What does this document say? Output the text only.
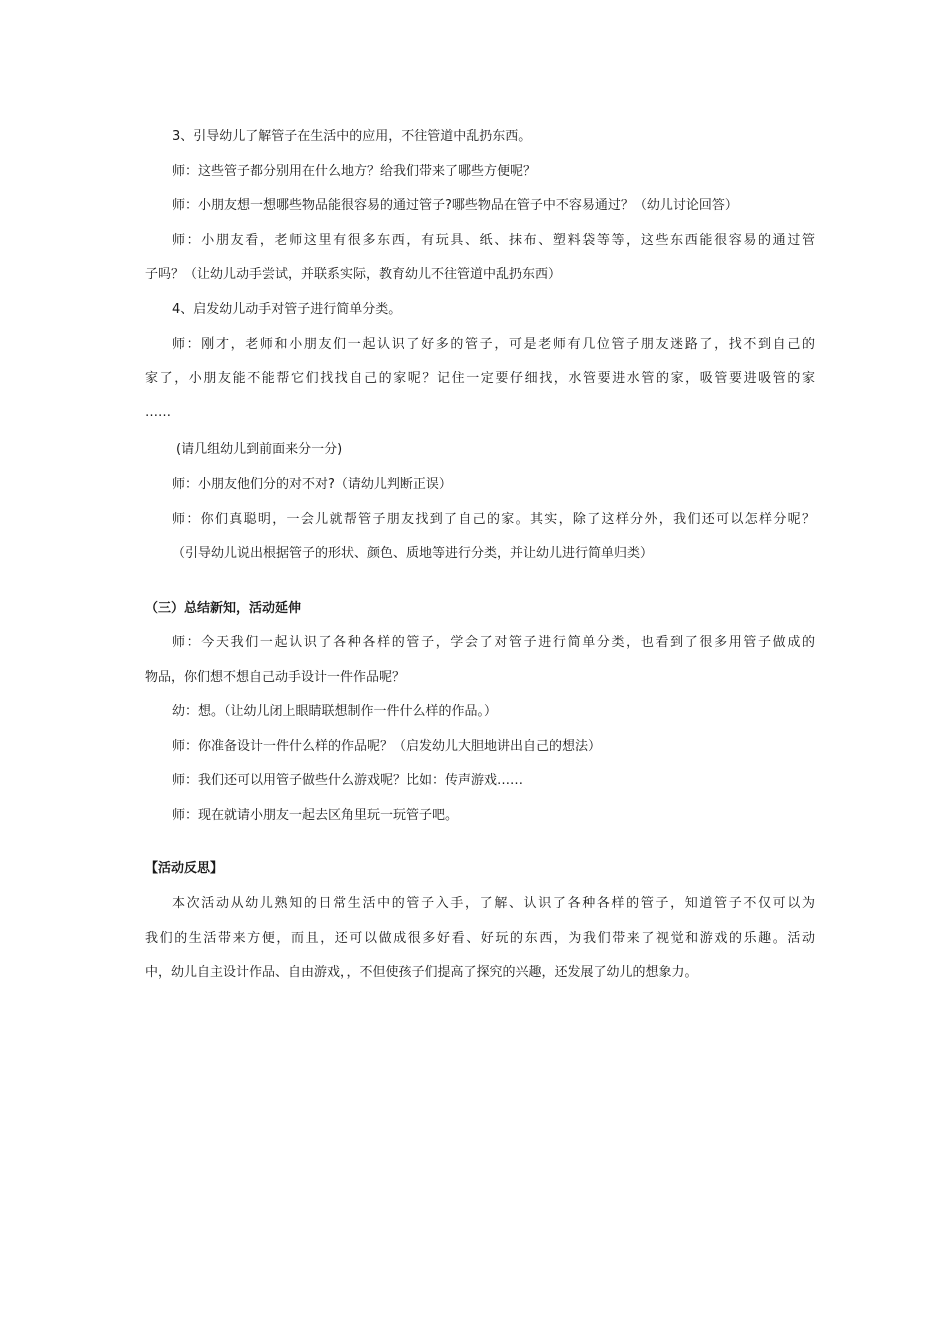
3、引导幼儿了解管子在生活中的应用，不往管道中乱扔东西。
师：这些管子都分别用在什么地方？给我们带来了哪些方便呢？
师：小朋友想一想哪些物品能很容易的通过管子?哪些物品在管子中不容易通过？（幼儿讨论回答）
师：小朋友看，老师这里有很多东西，有玩具、纸、抹布、塑料袋等等，这些东西能很容易的通过管
子吗？（让幼儿动手尝试，并联系实际，教育幼儿不往管道中乱扔东西）
4、启发幼儿动手对管子进行简单分类。
师：刚才，老师和小朋友们一起认识了好多的管子，可是老师有几位管子朋友迷路了，找不到自己的
家了，小朋友能不能帮它们找找自己的家呢？记住一定要仔细找，水管要进水管的家，吸管要进吸管的家
……
(请几组幼儿到前面来分一分)
师：小朋友他们分的对不对?（请幼儿判断正误）
师：你们真聪明，一会儿就帮管子朋友找到了自己的家。其实，除了这样分外，我们还可以怎样分呢？
（引导幼儿说出根据管子的形状、颜色、质地等进行分类，并让幼儿进行简单归类）
（三）总结新知，活动延伸
师：今天我们一起认识了各种各样的管子，学会了对管子进行简单分类，也看到了很多用管子做成的
物品，你们想不想自己动手设计一件作品呢？
幼：想。（让幼儿闭上眼睛联想制作一件什么样的作品。）
师：你准备设计一件什么样的作品呢？（启发幼儿大胆地讲出自己的想法）
师：我们还可以用管子做些什么游戏呢？比如：传声游戏……
师：现在就请小朋友一起去区角里玩一玩管子吧。
【活动反思】
本次活动从幼儿熟知的日常生活中的管子入手，了解、认识了各种各样的管子，知道管子不仅可以为
我们的生活带来方便，而且，还可以做成很多好看、好玩的东西，为我们带来了视觉和游戏的乐趣。活动
中，幼儿自主设计作品、自由游戏，，不但使孩子们提高了探究的兴趣，还发展了幼儿的想象力。
